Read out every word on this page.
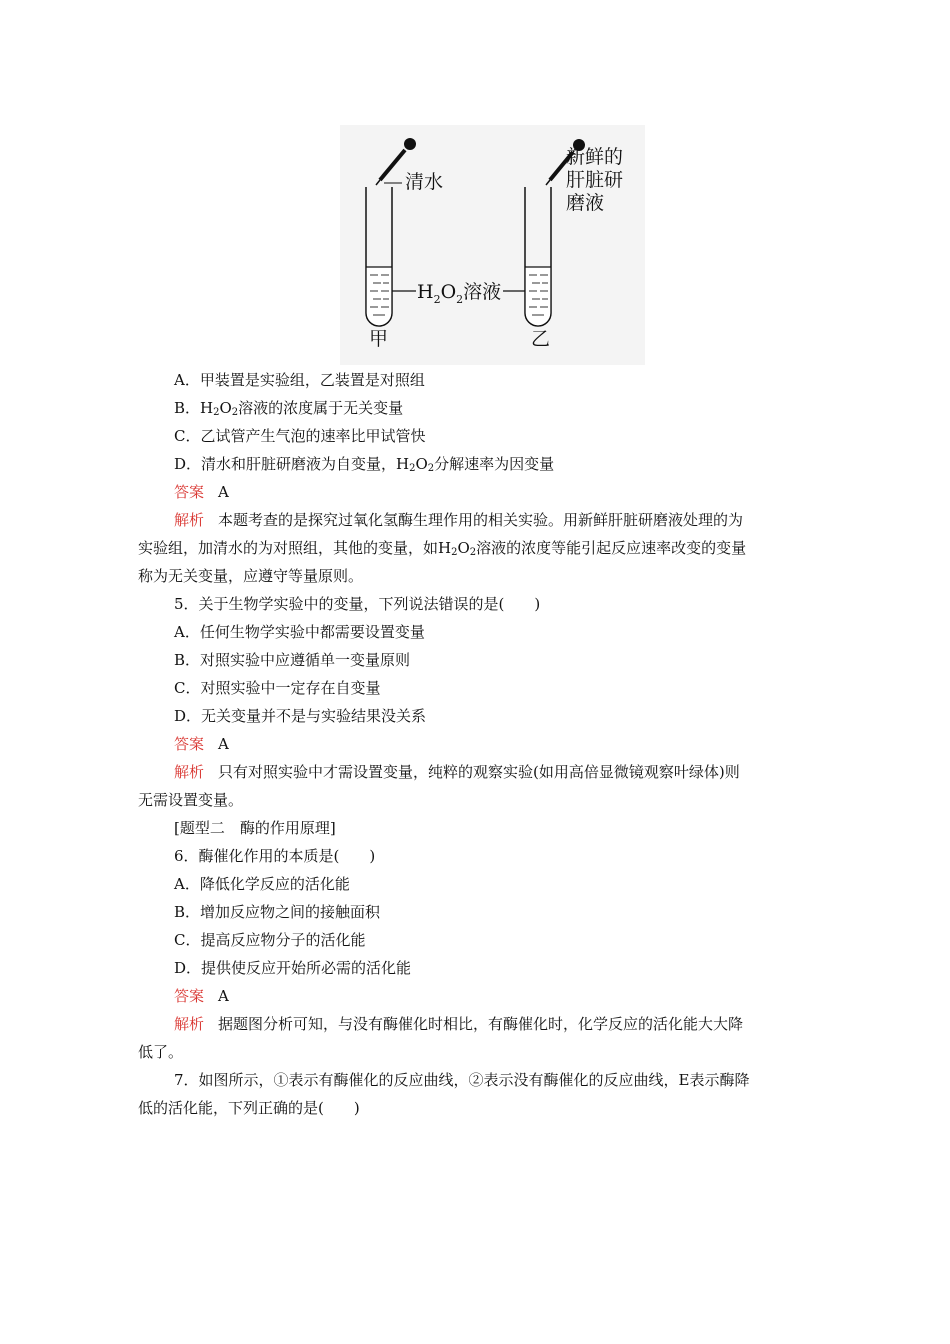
清水
甲
新鲜的
肝脏研
磨液
乙
$H_2O_2$溶液
A．甲装置是实验组，乙装置是对照组
B．$H_2O_2$溶液的浓度属于无关变量
C．乙试管产生气泡的速率比甲试管快
D．清水和肝脏研磨液为自变量，$H_2O_2$分解速率为因变量
答案 A
解析 本题考查的是探究过氧化氢酶生理作用的相关实验。用新鲜肝脏研磨液处理的为
实验组，加清水的为对照组，其他的变量，如$H_2O_2$溶液的浓度等能引起反应速率改变的变量
称为无关变量，应遵守等量原则。
5．关于生物学实验中的变量，下列说法错误的是(　　)
A．任何生物学实验中都需要设置变量
B．对照实验中应遵循单一变量原则
C．对照实验中一定存在自变量
D．无关变量并不是与实验结果没关系
答案 A
解析 只有对照实验中才需设置变量，纯粹的观察实验(如用高倍显微镜观察叶绿体)则
无需设置变量。
[题型二　酶的作用原理]
6．酶催化作用的本质是(　　)
A．降低化学反应的活化能
B．增加反应物之间的接触面积
C．提高反应物分子的活化能
D．提供使反应开始所必需的活化能
答案 A
解析 据题图分析可知，与没有酶催化时相比，有酶催化时，化学反应的活化能大大降
低了。
7．如图所示，①表示有酶催化的反应曲线，②表示没有酶催化的反应曲线，E表示酶降
低的活化能，下列正确的是(　　)
